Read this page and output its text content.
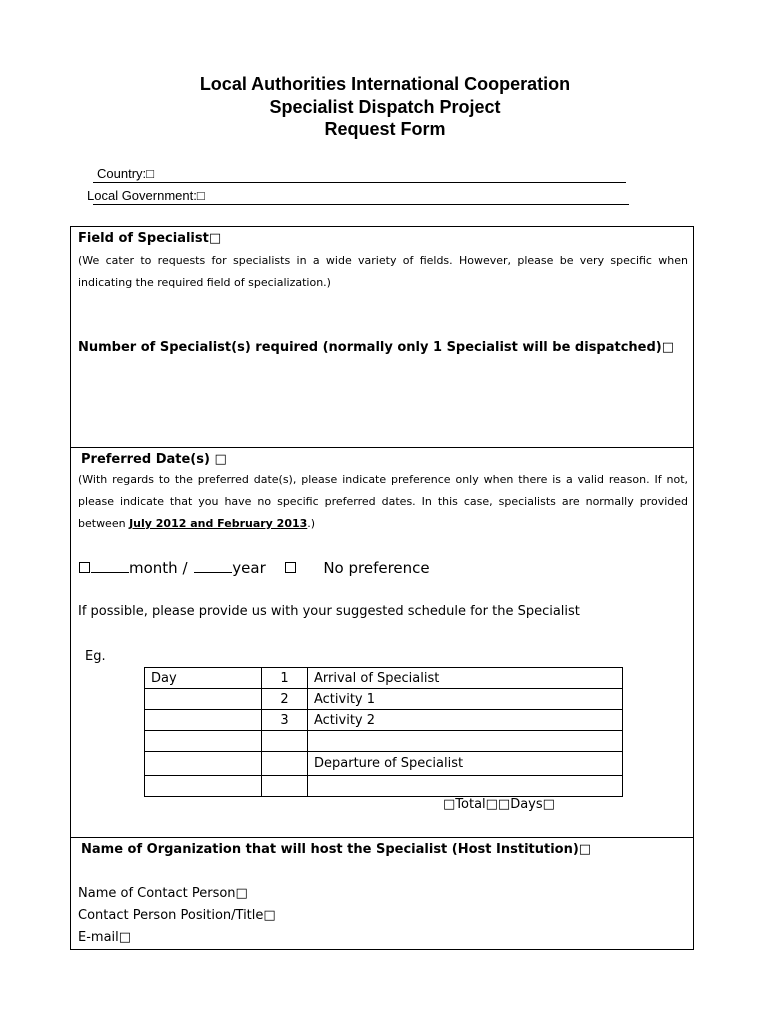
Local Authorities International Cooperation
Specialist Dispatch Project
Request Form
Country:□
Local Government:□
Field of Specialist□
(We cater to requests for specialists in a wide variety of fields. However, please be very specific when indicating the required field of specialization.)
Number of Specialist(s) required (normally only 1 Specialist will be dispatched)□
Preferred Date(s) □
(With regards to the preferred date(s), please indicate preference only when there is a valid reason. If not, please indicate that you have no specific preferred dates. In this case, specialists are normally provided between July 2012 and February 2013.)
month /	year	No preference
If possible, please provide us with your suggested schedule for the Specialist
Eg.
Day	1	Arrival of Specialist
	2	Activity 1
	3	Activity 2

		Departure of Specialist

□Total□□Days□
Name of Organization that will host the Specialist (Host Institution)□
Name of Contact Person□
Contact Person Position/Title□
E-mail□
